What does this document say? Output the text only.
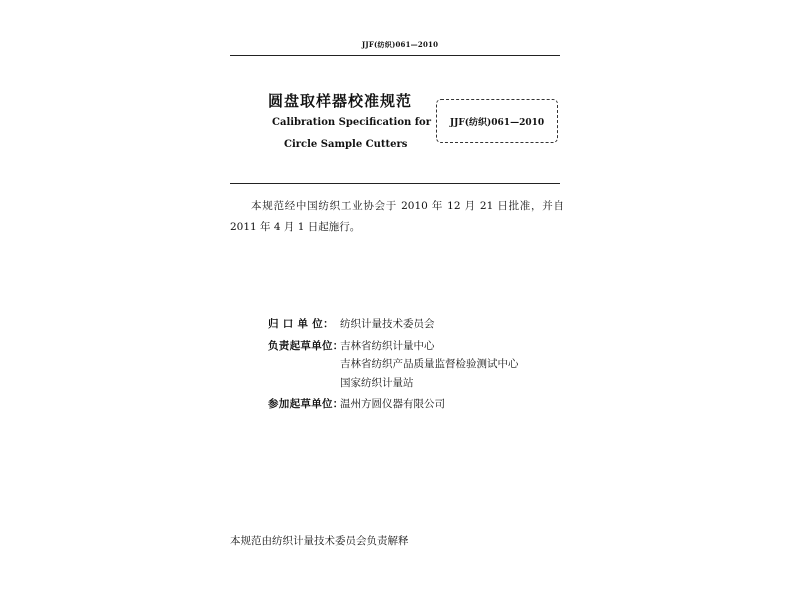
JJF(纺织)061—2010
圆盘取样器校准规范
Calibration Specification for
Circle Sample Cutters
JJF(纺织)061—2010
本规范经中国纺织工业协会于 2010 年 12 月 21 日批准，并自 2011 年 4 月 1 日起施行。
归 口 单 位： 纺织计量技术委员会
负责起草单位：
吉林省纺织计量中心
吉林省纺织产品质量监督检验测试中心
国家纺织计量站
参加起草单位：
温州方圆仪器有限公司
本规范由纺织计量技术委员会负责解释
